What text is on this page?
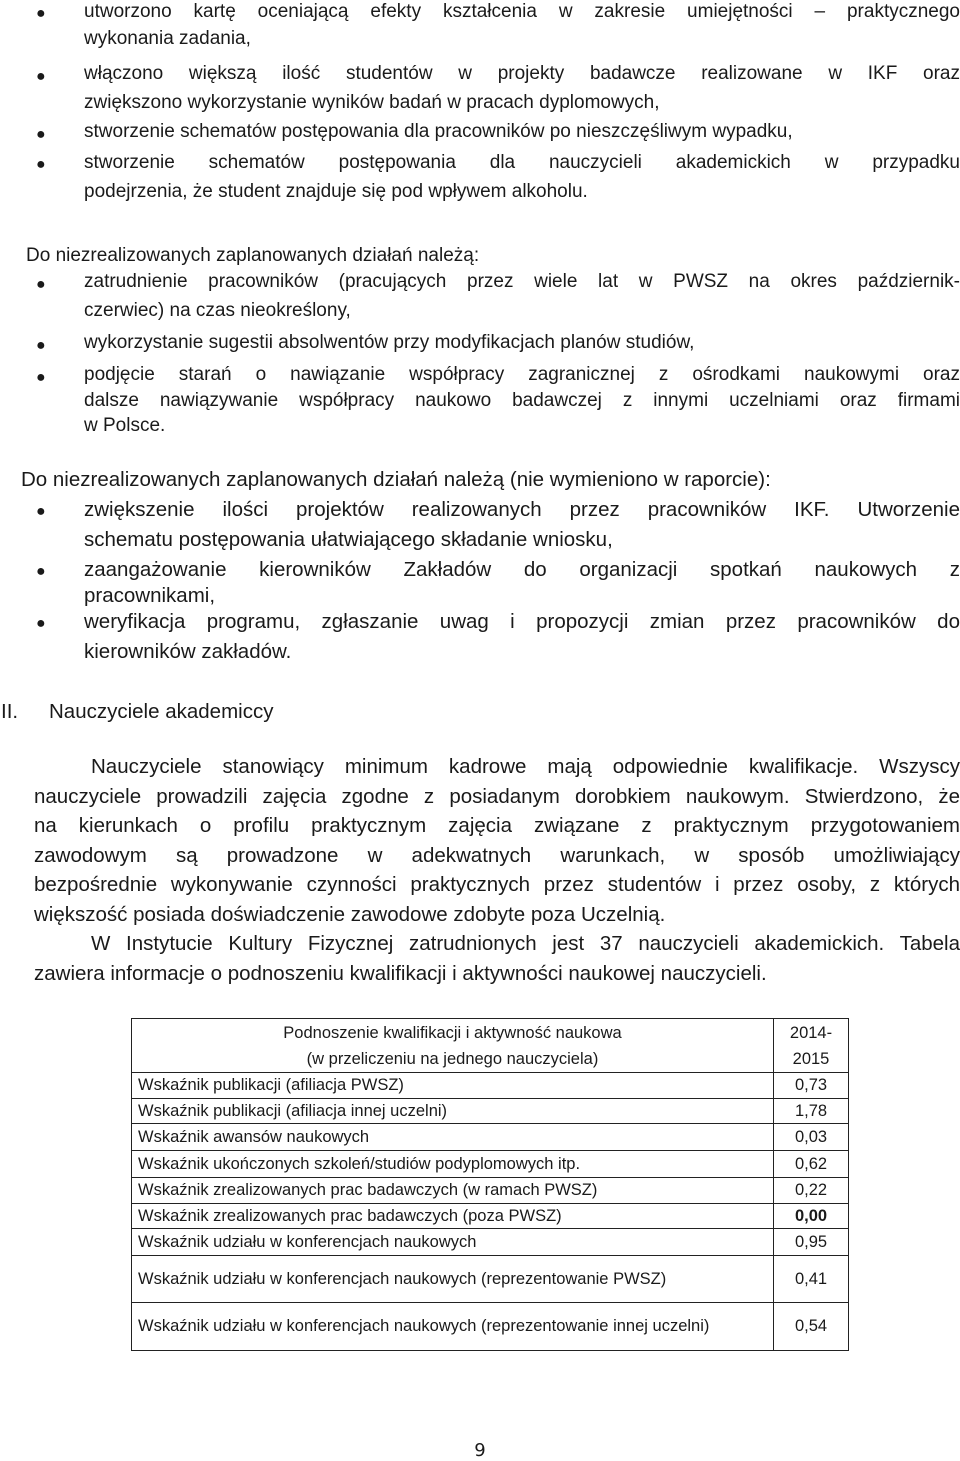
● utworzono kartę oceniającą efekty kształcenia w zakresie umiejętności – praktycznego
wykonania zadania,
● włączono większą ilość studentów w projekty badawcze realizowane w IKF oraz
zwiększono wykorzystanie wyników badań w pracach dyplomowych,
● stworzenie schematów postępowania dla pracowników po nieszczęśliwym wypadku,
● stworzenie schematów postępowania dla nauczycieli akademickich w przypadku
podejrzenia, że student znajduje się pod wpływem alkoholu.

Do niezrealizowanych zaplanowanych działań należą:

● zatrudnienie pracowników (pracujących przez wiele lat w PWSZ na okres październik-
czerwiec) na czas nieokreślony,
● wykorzystanie sugestii absolwentów przy modyfikacjach planów studiów,
● podjęcie starań o nawiązanie współpracy zagranicznej z ośrodkami naukowymi oraz
dalsze nawiązywanie współpracy naukowo badawczej z innymi uczelniami oraz firmami
w Polsce.

Do niezrealizowanych zaplanowanych działań należą (nie wymieniono w raporcie):

● zwiększenie ilości projektów realizowanych przez pracowników IKF. Utworzenie
schematu postępowania ułatwiającego składanie wniosku,
● zaangażowanie kierowników Zakładów do organizacji spotkań naukowych z
pracownikami,
● weryfikacja programu, zgłaszanie uwag i propozycji zmian przez pracowników do
kierowników zakładów.
II. Nauczyciele akademiccy
Nauczyciele stanowiący minimum kadrowe mają odpowiednie kwalifikacje. Wszyscy
nauczyciele prowadzili zajęcia zgodne z posiadanym dorobkiem naukowym. Stwierdzono, że
na kierunkach o profilu praktycznym zajęcia związane z praktycznym przygotowaniem
zawodowym są prowadzone w adekwatnych warunkach, w sposób umożliwiający
bezpośrednie wykonywanie czynności praktycznych przez studentów i przez osoby, z których
większość posiada doświadczenie zawodowe zdobyte poza Uczelnią.
W Instytucie Kultury Fizycznej zatrudnionych jest 37 nauczycieli akademickich. Tabela
zawiera informacje o podnoszeniu kwalifikacji i aktywności naukowej nauczycieli.
Podnoszenie kwalifikacji i aktywność naukowa
(w przeliczeniu na jednego nauczyciela)	2014-
2015

Wskaźnik publikacji (afiliacja PWSZ)	0,73
Wskaźnik publikacji (afiliacja innej uczelni)	1,78
Wskaźnik awansów naukowych	0,03
Wskaźnik ukończonych szkoleń/studiów podyplomowych itp.	0,62
Wskaźnik zrealizowanych prac badawczych (w ramach PWSZ)	0,22
Wskaźnik zrealizowanych prac badawczych (poza PWSZ)	0,00
Wskaźnik udziału w konferencjach naukowych	0,95
Wskaźnik udziału w konferencjach naukowych (reprezentowanie PWSZ)	0,41
Wskaźnik udziału w konferencjach naukowych (reprezentowanie innej uczelni)	0,54
9
